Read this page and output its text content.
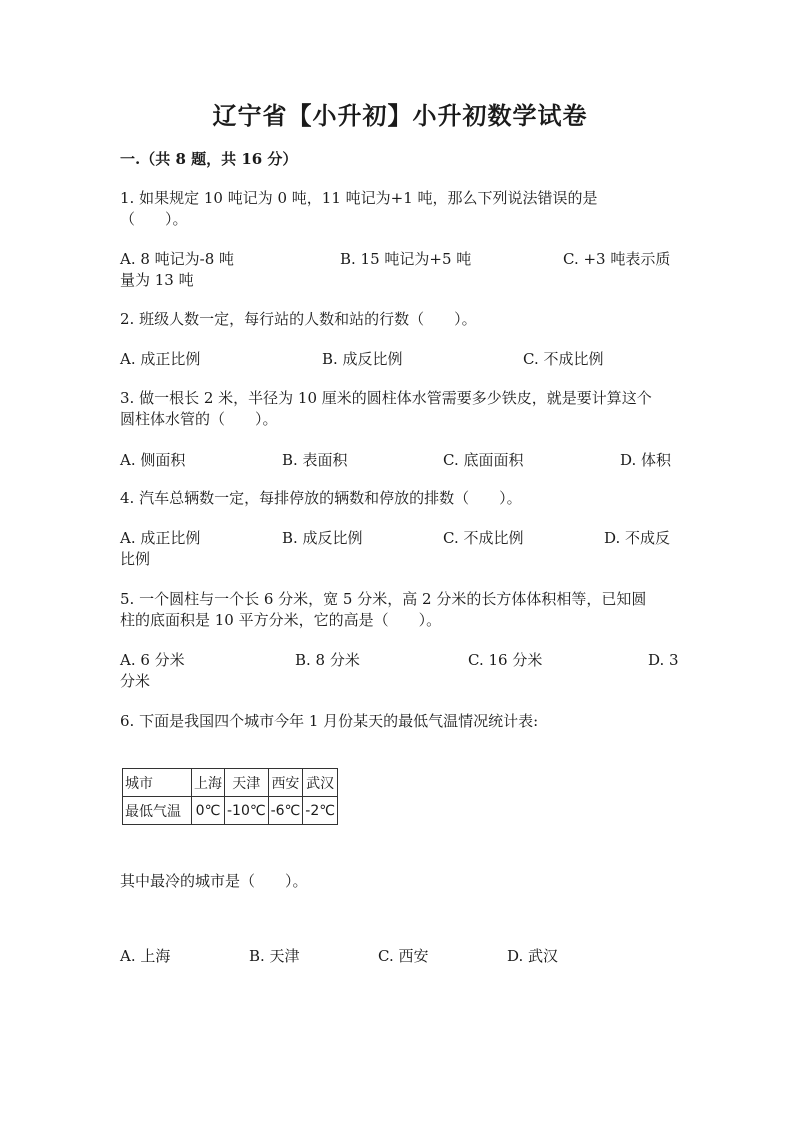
辽宁省【小升初】小升初数学试卷
一.（共 8 题，共 16 分）
1. 如果规定 10 吨记为 0 吨，11 吨记为+1 吨，那么下列说法错误的是
（　　）。
A. 8 吨记为-8 吨	B. 15 吨记为+5 吨	C. +3 吨表示质
量为 13 吨
2. 班级人数一定，每行站的人数和站的行数（　　）。
A. 成正比例	B. 成反比例	C. 不成比例
3. 做一根长 2 米，半径为 10 厘米的圆柱体水管需要多少铁皮，就是要计算这个
圆柱体水管的（　　）。
A. 侧面积	B. 表面积	C. 底面面积	D. 体积
4. 汽车总辆数一定，每排停放的辆数和停放的排数（　　）。
A. 成正比例	B. 成反比例	C. 不成比例	D. 不成反
比例
5. 一个圆柱与一个长 6 分米，宽 5 分米，高 2 分米的长方体体积相等，已知圆
柱的底面积是 10 平方分米，它的高是（　　）。
A. 6 分米	B. 8 分米	C. 16 分米	D. 3
分米
6. 下面是我国四个城市今年 1 月份某天的最低气温情况统计表:
城市	上海	天津	西安	武汉
最低气温	0℃	-10℃	-6℃	-2℃
其中最冷的城市是（　　）。
A. 上海	B. 天津	C. 西安	D. 武汉
